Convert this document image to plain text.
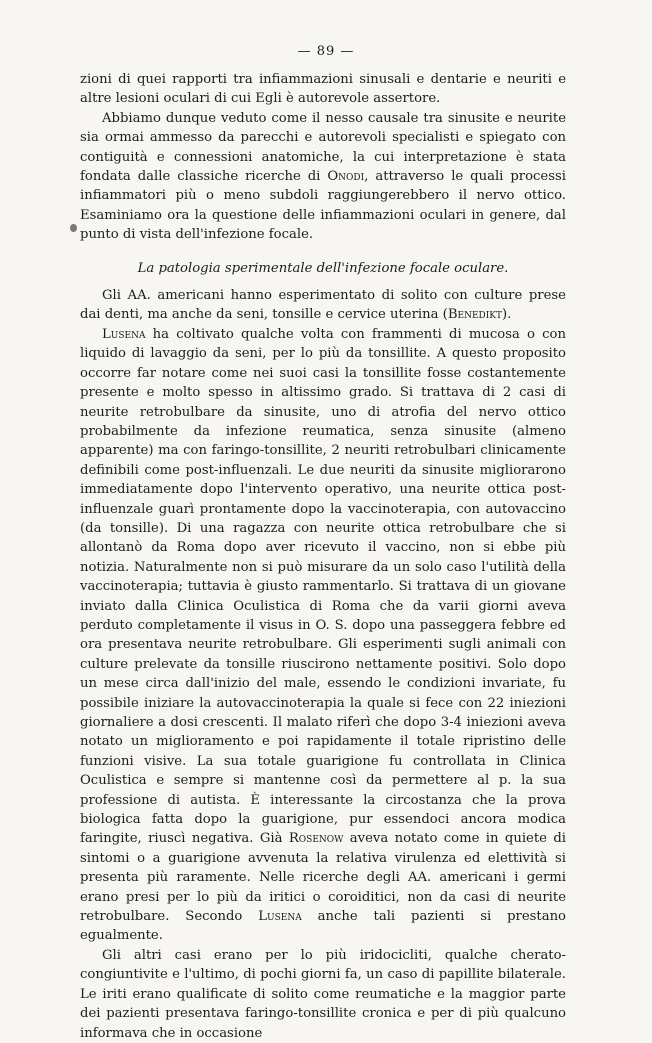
— 89 —

zioni di quei rapporti tra infiammazioni sinusali e dentarie e neuriti e altre lesioni oculari di cui Egli è autorevole assertore.

Abbiamo dunque veduto come il nesso causale tra sinusite e neurite sia ormai ammesso da parecchi e autorevoli specialisti e spiegato con contiguità e connessioni anatomiche, la cui interpretazione è stata fondata dalle classiche ricerche di Onodi, attraverso le quali processi infiammatori più o meno subdoli raggiungerebbero il nervo ottico. Esaminiamo ora la questione delle infiammazioni oculari in genere, dal punto di vista dell'infezione focale.

La patologia sperimentale dell'infezione focale oculare.

Gli AA. americani hanno esperimentato di solito con culture prese dai denti, ma anche da seni, tonsille e cervice uterina (Benedikt).

Lusena ha coltivato qualche volta con frammenti di mucosa o con liquido di lavaggio da seni, per lo più da tonsillite. A questo proposito occorre far notare come nei suoi casi la tonsillite fosse costantemente presente e molto spesso in altissimo grado. Si trattava di 2 casi di neurite retrobulbare da sinusite, uno di atrofia del nervo ottico probabilmente da infezione reumatica, senza sinusite (almeno apparente) ma con faringo-tonsillite, 2 neuriti retrobulbari clinicamente definibili come post-influenzali. Le due neuriti da sinusite migliorarono immediatamente dopo l'intervento operativo, una neurite ottica post-influenzale guarì prontamente dopo la vaccinoterapia, con autovaccino (da tonsille). Di una ragazza con neurite ottica retrobulbare che si allontanò da Roma dopo aver ricevuto il vaccino, non si ebbe più notizia. Naturalmente non si può misurare da un solo caso l'utilità della vaccinoterapia; tuttavia è giusto rammentarlo. Si trattava di un giovane inviato dalla Clinica Oculistica di Roma che da varii giorni aveva perduto completamente il visus in O. S. dopo una passeggera febbre ed ora presentava neurite retrobulbare. Gli esperimenti sugli animali con culture prelevate da tonsille riuscirono nettamente positivi. Solo dopo un mese circa dall'inizio del male, essendo le condizioni invariate, fu possibile iniziare la autovaccinoterapia la quale si fece con 22 iniezioni giornaliere a dosi crescenti. Il malato riferì che dopo 3-4 iniezioni aveva notato un miglioramento e poi rapidamente il totale ripristino delle funzioni visive. La sua totale guarigione fu controllata in Clinica Oculistica e sempre si mantenne così da permettere al p. la sua professione di autista. È interessante la circostanza che la prova biologica fatta dopo la guarigione, pur essendoci ancora modica faringite, riuscì negativa. Già Rosenow aveva notato come in quiete di sintomi o a guarigione avvenuta la relativa virulenza ed elettività si presenta più raramente. Nelle ricerche degli AA. americani i germi erano presi per lo più da iritici o coroiditici, non da casi di neurite retrobulbare. Secondo Lusena anche tali pazienti si prestano egualmente.

Gli altri casi erano per lo più iridocicliti, qualche cherato-congiuntivite e l'ultimo, di pochi giorni fa, un caso di papillite bilaterale. Le iriti erano qualificate di solito come reumatiche e la maggior parte dei pazienti presentava faringo-tonsillite cronica e per di più qualcuno informava che in occasione
